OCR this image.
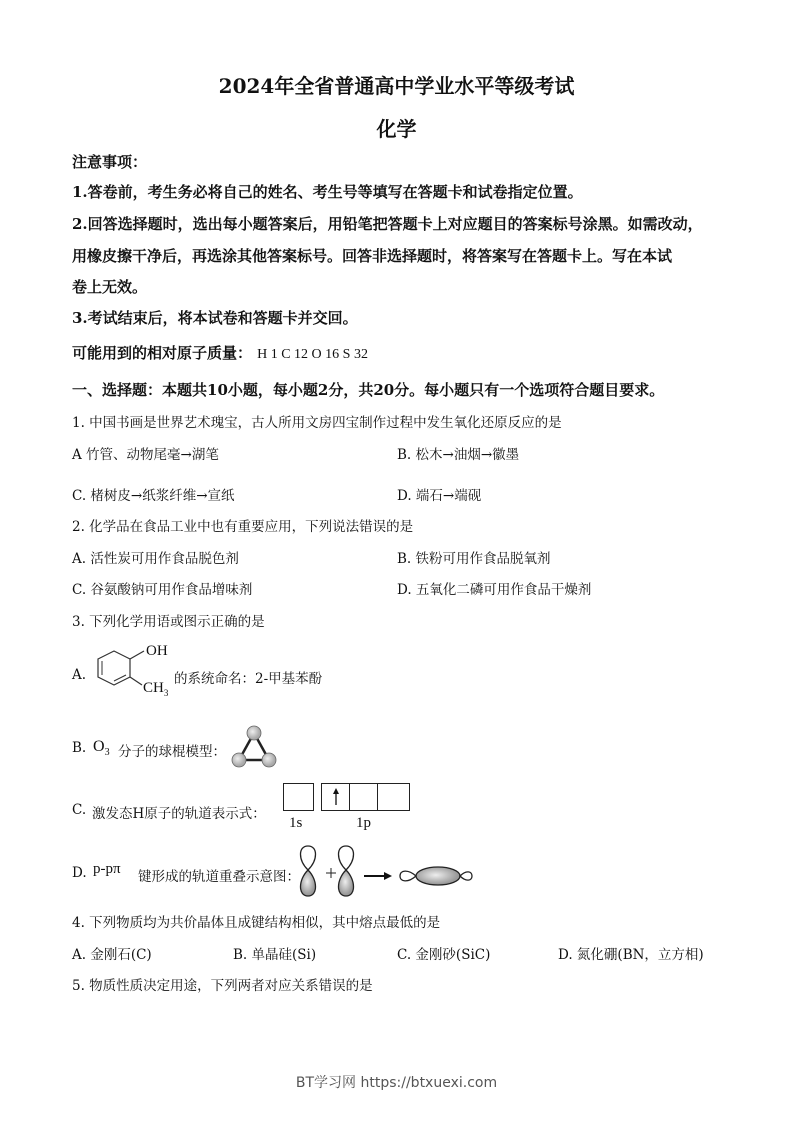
2024年全省普通高中学业水平等级考试
化学
注意事项：
1.答卷前，考生务必将自己的姓名、考生号等填写在答题卡和试卷指定位置。
2.回答选择题时，选出每小题答案后，用铅笔把答题卡上对应题目的答案标号涂黑。如需改动，
用橡皮擦干净后，再选涂其他答案标号。回答非选择题时，将答案写在答题卡上。写在本试
卷上无效。
3.考试结束后，将本试卷和答题卡并交回。
可能用到的相对原子质量： H 1 C 12 O 16 S 32
一、选择题：本题共10小题，每小题2分，共20分。每小题只有一个选项符合题目要求。
1. 中国书画是世界艺术瑰宝，古人所用文房四宝制作过程中发生氧化还原反应的是
A 竹管、动物尾毫→湖笔	B. 松木→油烟→徽墨
C. 楮树皮→纸浆纤维→宣纸	D. 端石→端砚
2. 化学品在食品工业中也有重要应用，下列说法错误的是
A. 活性炭可用作食品脱色剂	B. 铁粉可用作食品脱氧剂
C. 谷氨酸钠可用作食品增味剂	D. 五氧化二磷可用作食品干燥剂
3. 下列化学用语或图示正确的是
A.
OH
$CH_3$
的系统命名：2-甲基苯酚
B. $O_3$ 分子的球棍模型：
C. 激发态H原子的轨道表示式：
1s	1p
D. p-pπ 键形成的轨道重叠示意图：
4. 下列物质均为共价晶体且成键结构相似，其中熔点最低的是
A. 金刚石(C)	B. 单晶硅(Si)	C. 金刚砂(SiC)	D. 氮化硼(BN，立方相)
5. 物质性质决定用途，下列两者对应关系错误的是
BT学习网 https://btxuexi.com
